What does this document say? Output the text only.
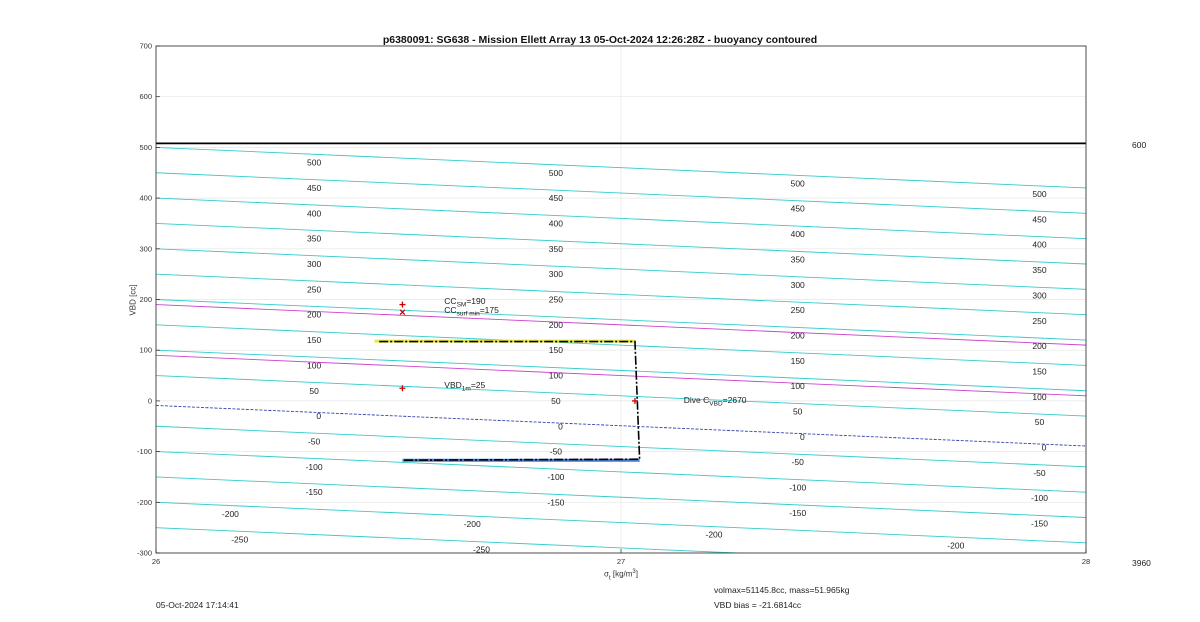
500
450
400
350
300
250
200
150
100
50
0
-50
-100
-150
-200
-250
500
450
400
350
300
250
200
150
100
50
0
-50
-100
-150
-200
-250
500
450
400
350
300
250
200
150
100
50
0
-50
-100
-150
-200
500
450
400
350
300
250
200
150
100
50
0
-50
-100
-150
-200
-300
-200
-100
0
100
200
300
400
500
600
700
26	27	28
p6380091: SG638 - Mission Ellett Array 13 05-Oct-2024 12:26:28Z - buoyancy contoured
VBD [cc]
$\sigma_t$ $[kg/m^3]$
$CC_{SM}=190$
$CC_{surf min}=175$
$VBD_{1m}=25$
Dive $C_{VBD}=2670$
600
3960
05-Oct-2024 17:14:41
volmax=51145.8cc, mass=51.965kg
VBD bias = -21.6814cc
